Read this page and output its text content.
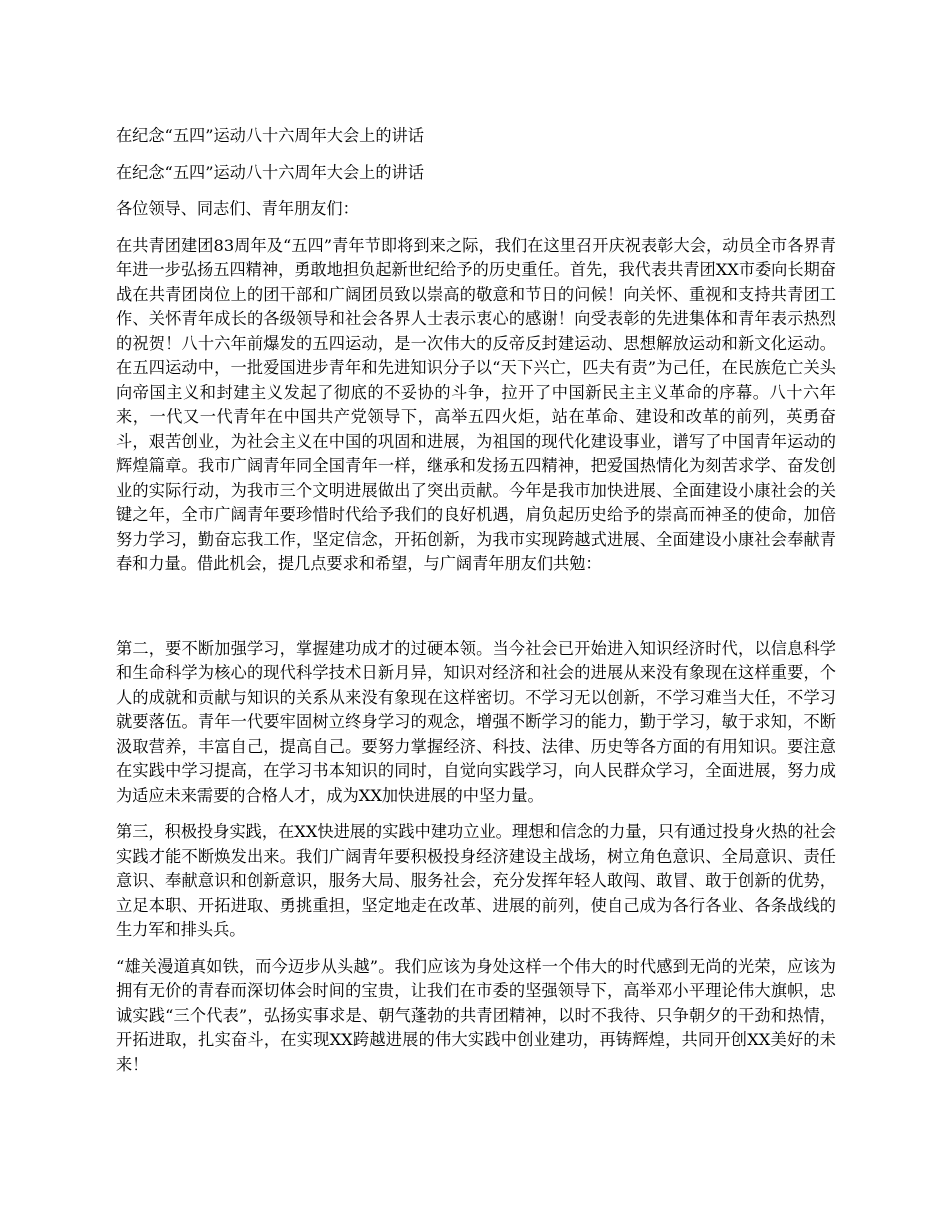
在纪念“五四”运动八十六周年大会上的讲话

在纪念“五四”运动八十六周年大会上的讲话

各位领导、同志们、青年朋友们：

在共青团建团83周年及“五四”青年节即将到来之际，我们在这里召开庆祝表彰大会，动员全市各界青年进一步弘扬五四精神，勇敢地担负起新世纪给予的历史重任。首先，我代表共青团XX市委向长期奋战在共青团岗位上的团干部和广阔团员致以崇高的敬意和节日的问候！向关怀、重视和支持共青团工作、关怀青年成长的各级领导和社会各界人士表示衷心的感谢！向受表彰的先进集体和青年表示热烈的祝贺！八十六年前爆发的五四运动，是一次伟大的反帝反封建运动、思想解放运动和新文化运动。在五四运动中，一批爱国进步青年和先进知识分子以“天下兴亡，匹夫有责”为己任，在民族危亡关头向帝国主义和封建主义发起了彻底的不妥协的斗争，拉开了中国新民主主义革命的序幕。八十六年来，一代又一代青年在中国共产党领导下，高举五四火炬，站在革命、建设和改革的前列，英勇奋斗，艰苦创业，为社会主义在中国的巩固和进展，为祖国的现代化建设事业，谱写了中国青年运动的辉煌篇章。我市广阔青年同全国青年一样，继承和发扬五四精神，把爱国热情化为刻苦求学、奋发创业的实际行动，为我市三个文明进展做出了突出贡献。今年是我市加快进展、全面建设小康社会的关键之年，全市广阔青年要珍惜时代给予我们的良好机遇，肩负起历史给予的崇高而神圣的使命，加倍努力学习，勤奋忘我工作，坚定信念，开拓创新，为我市实现跨越式进展、全面建设小康社会奉献青春和力量。借此机会，提几点要求和希望，与广阔青年朋友们共勉：

第二，要不断加强学习，掌握建功成才的过硬本领。当今社会已开始进入知识经济时代，以信息科学和生命科学为核心的现代科学技术日新月异，知识对经济和社会的进展从来没有象现在这样重要，个人的成就和贡献与知识的关系从来没有象现在这样密切。不学习无以创新，不学习难当大任，不学习就要落伍。青年一代要牢固树立终身学习的观念，增强不断学习的能力，勤于学习，敏于求知，不断汲取营养，丰富自己，提高自己。要努力掌握经济、科技、法律、历史等各方面的有用知识。要注意在实践中学习提高，在学习书本知识的同时，自觉向实践学习，向人民群众学习，全面进展，努力成为适应未来需要的合格人才，成为XX加快进展的中坚力量。

第三，积极投身实践，在XX快进展的实践中建功立业。理想和信念的力量，只有通过投身火热的社会实践才能不断焕发出来。我们广阔青年要积极投身经济建设主战场，树立角色意识、全局意识、责任意识、奉献意识和创新意识，服务大局、服务社会，充分发挥年轻人敢闯、敢冒、敢于创新的优势，立足本职、开拓进取、勇挑重担，坚定地走在改革、进展的前列，使自己成为各行各业、各条战线的生力军和排头兵。

“雄关漫道真如铁，而今迈步从头越”。我们应该为身处这样一个伟大的时代感到无尚的光荣，应该为拥有无价的青春而深切体会时间的宝贵，让我们在市委的坚强领导下，高举邓小平理论伟大旗帜，忠诚实践“三个代表”，弘扬实事求是、朝气蓬勃的共青团精神，以时不我待、只争朝夕的干劲和热情，开拓进取，扎实奋斗，在实现XX跨越进展的伟大实践中创业建功，再铸辉煌，共同开创XX美好的未来！
